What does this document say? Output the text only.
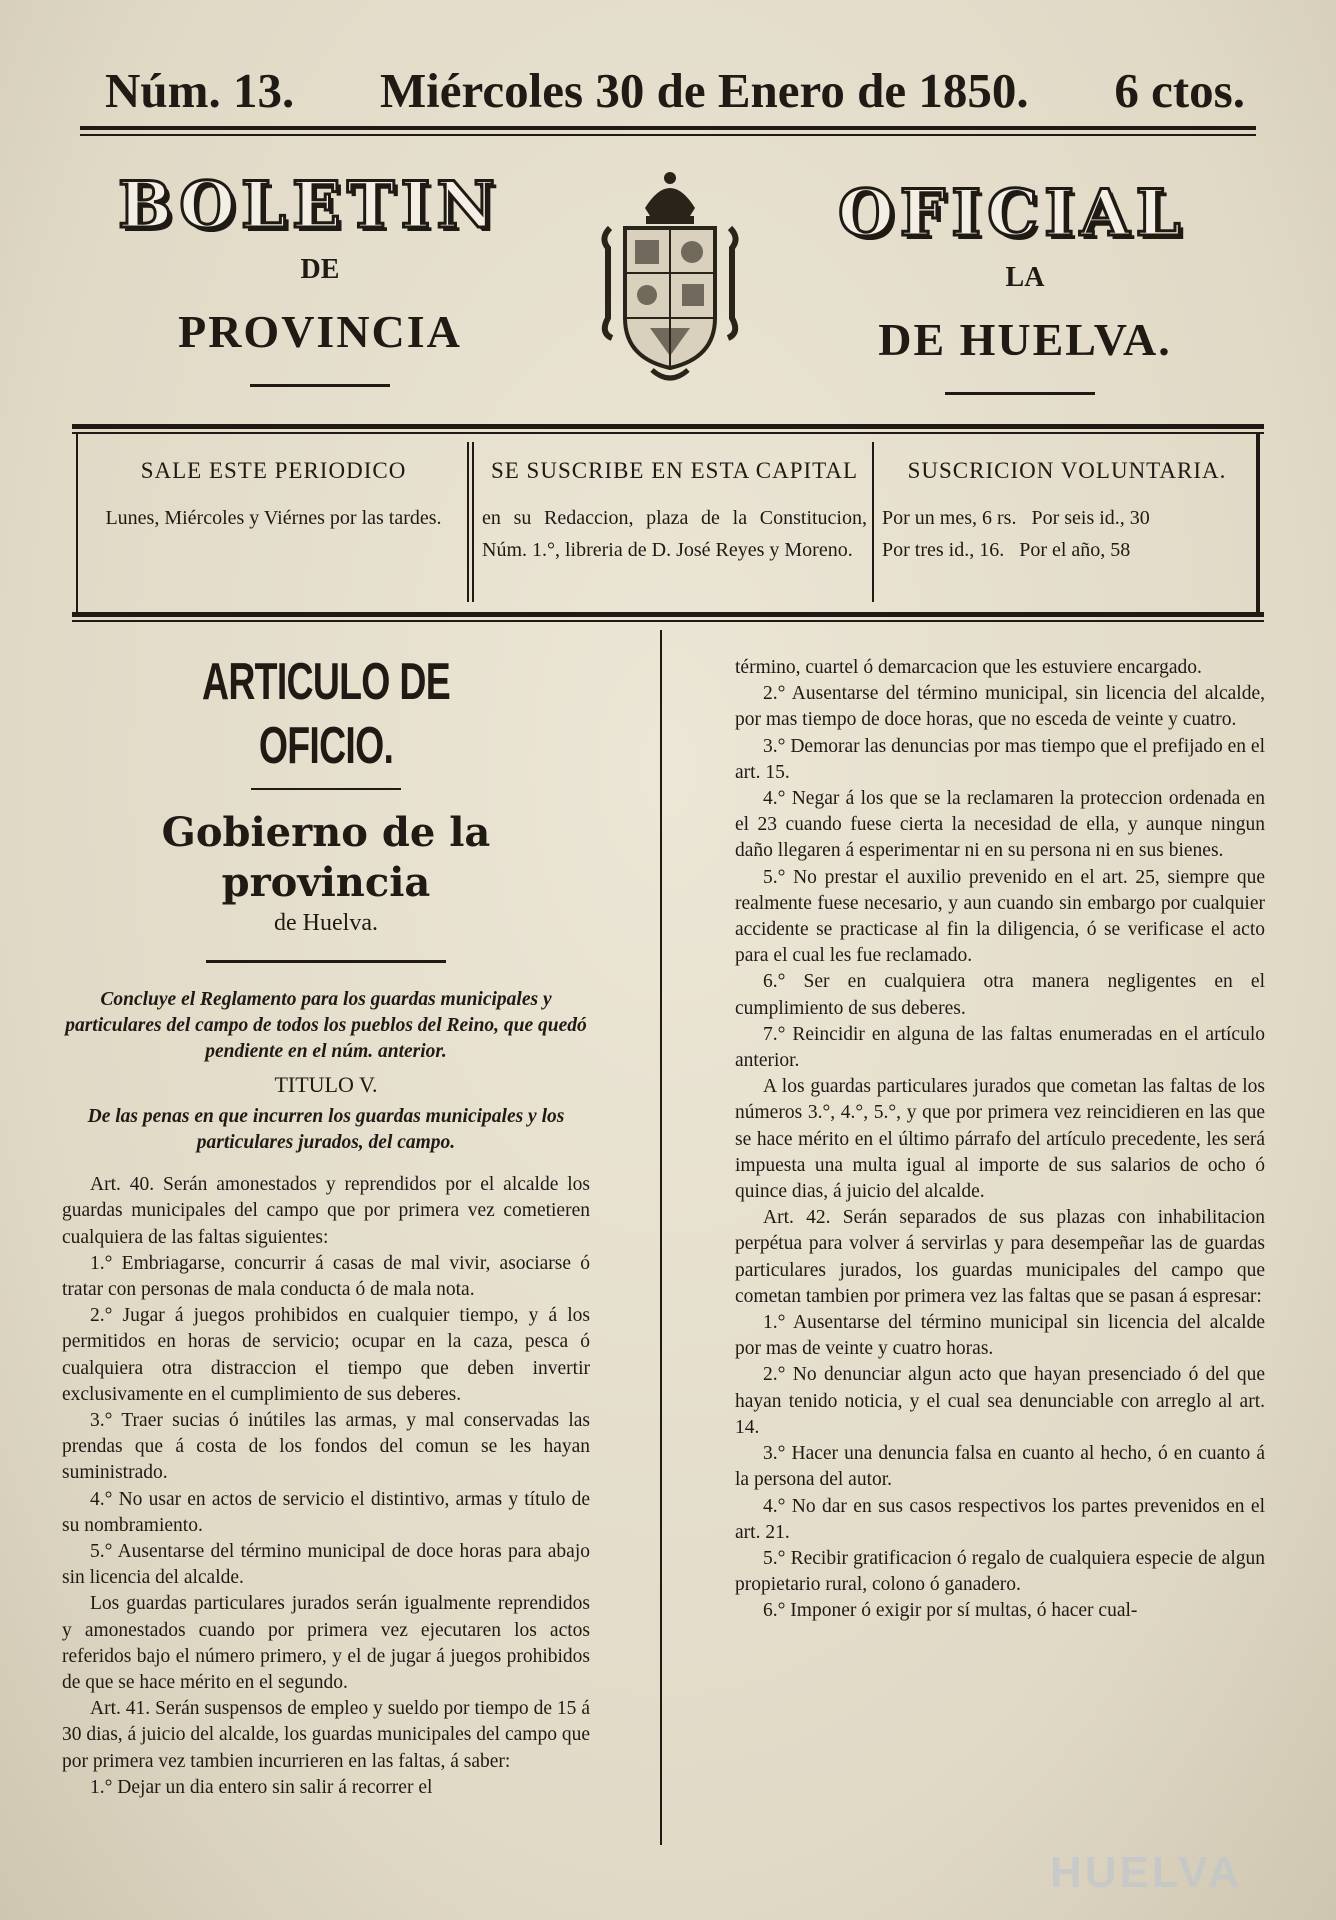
Núm. 13. Miércoles 30 de Enero de 1850. 6 ctos.
BOLETIN	OFICIAL
DE	LA
PROVINCIA	DE HUELVA.
SALE ESTE PERIODICO
Lunes, Miércoles y Viérnes por las tardes.
SE SUSCRIBE EN ESTA CAPITAL
en su Redaccion, plaza de la Constitucion, Núm. 1.°, libreria de D. José Reyes y Moreno.
SUSCRICION VOLUNTARIA.
Por un mes, 6 rs.   Por seis id., 30
Por tres id., 16.   Por el año, 58

ARTICULO DE OFICIO.

Gobierno de la provincia

de Huelva.

Concluye el Reglamento para los guardas municipales y particulares del campo de todos los pueblos del Reino, que quedó pendiente en el núm. anterior.

TITULO V.

De las penas en que incurren los guardas municipales y los particulares jurados, del campo.

Art. 40. Serán amonestados y reprendidos por el alcalde los guardas municipales del campo que por primera vez cometieren cualquiera de las faltas siguientes:

1.° Embriagarse, concurrir á casas de mal vivir, asociarse ó tratar con personas de mala conducta ó de mala nota.

2.° Jugar á juegos prohibidos en cualquier tiempo, y á los permitidos en horas de servicio; ocupar en la caza, pesca ó cualquiera otra distraccion el tiempo que deben invertir exclusivamente en el cumplimiento de sus deberes.

3.° Traer sucias ó inútiles las armas, y mal conservadas las prendas que á costa de los fondos del comun se les hayan suministrado.

4.° No usar en actos de servicio el distintivo, armas y título de su nombramiento.

5.° Ausentarse del término municipal de doce horas para abajo sin licencia del alcalde.

Los guardas particulares jurados serán igualmente reprendidos y amonestados cuando por primera vez ejecutaren los actos referidos bajo el número primero, y el de jugar á juegos prohibidos de que se hace mérito en el segundo.

Art. 41. Serán suspensos de empleo y sueldo por tiempo de 15 á 30 dias, á juicio del alcalde, los guardas municipales del campo que por primera vez tambien incurrieren en las faltas, á saber:

1.° Dejar un dia entero sin salir á recorrer el

término, cuartel ó demarcacion que les estuviere encargado.

2.° Ausentarse del término municipal, sin licencia del alcalde, por mas tiempo de doce horas, que no esceda de veinte y cuatro.

3.° Demorar las denuncias por mas tiempo que el prefijado en el art. 15.

4.° Negar á los que se la reclamaren la proteccion ordenada en el 23 cuando fuese cierta la necesidad de ella, y aunque ningun daño llegaren á esperimentar ni en su persona ni en sus bienes.

5.° No prestar el auxilio prevenido en el art. 25, siempre que realmente fuese necesario, y aun cuando sin embargo por cualquier accidente se practicase al fin la diligencia, ó se verificase el acto para el cual les fue reclamado.

6.° Ser en cualquiera otra manera negligentes en el cumplimiento de sus deberes.

7.° Reincidir en alguna de las faltas enumeradas en el artículo anterior.

A los guardas particulares jurados que cometan las faltas de los números 3.°, 4.°, 5.°, y que por primera vez reincidieren en las que se hace mérito en el último párrafo del artículo precedente, les será impuesta una multa igual al importe de sus salarios de ocho ó quince dias, á juicio del alcalde.

Art. 42. Serán separados de sus plazas con inhabilitacion perpétua para volver á servirlas y para desempeñar las de guardas particulares jurados, los guardas municipales del campo que cometan tambien por primera vez las faltas que se pasan á espresar:

1.° Ausentarse del término municipal sin licencia del alcalde por mas de veinte y cuatro horas.

2.° No denunciar algun acto que hayan presenciado ó del que hayan tenido noticia, y el cual sea denunciable con arreglo al art. 14.

3.° Hacer una denuncia falsa en cuanto al hecho, ó en cuanto á la persona del autor.

4.° No dar en sus casos respectivos los partes prevenidos en el art. 21.

5.° Recibir gratificacion ó regalo de cualquiera especie de algun propietario rural, colono ó ganadero.

6.° Imponer ó exigir por sí multas, ó hacer cual-

HUELVA
